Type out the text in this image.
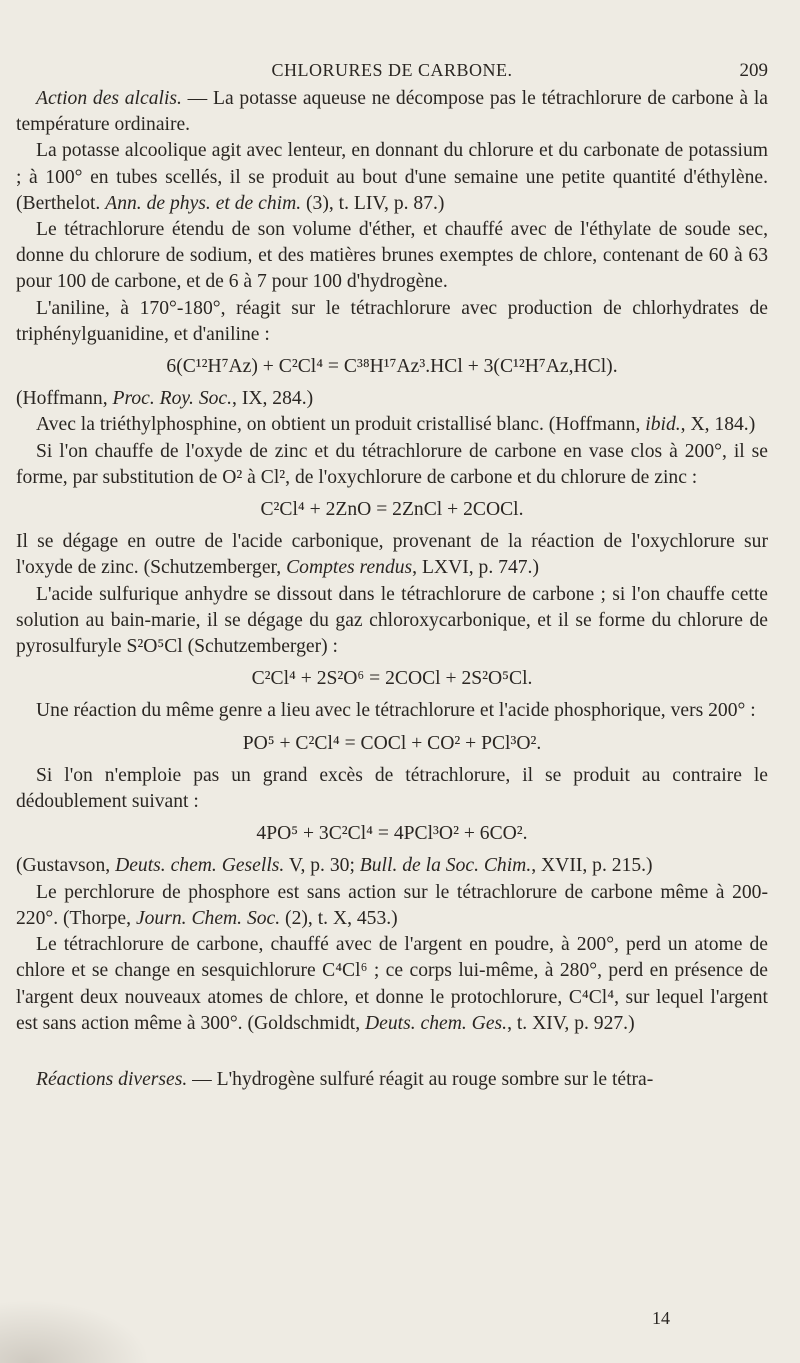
CHLORURES DE CARBONE.	209

Action des alcalis. — La potasse aqueuse ne décompose pas le tétrachlorure de carbone à la température ordinaire.

La potasse alcoolique agit avec lenteur, en donnant du chlorure et du carbonate de potassium ; à 100° en tubes scellés, il se produit au bout d'une semaine une petite quantité d'éthylène. (Berthelot. Ann. de phys. et de chim. (3), t. LIV, p. 87.)

Le tétrachlorure étendu de son volume d'éther, et chauffé avec de l'éthylate de soude sec, donne du chlorure de sodium, et des matières brunes exemptes de chlore, contenant de 60 à 63 pour 100 de carbone, et de 6 à 7 pour 100 d'hydrogène.

L'aniline, à 170°-180°, réagit sur le tétrachlorure avec production de chlorhydrates de triphénylguanidine, et d'aniline :

6(C¹²H⁷Az) + C²Cl⁴ = C³⁸H¹⁷Az³.HCl + 3(C¹²H⁷Az,HCl).

(Hoffmann, Proc. Roy. Soc., IX, 284.)

Avec la triéthylphosphine, on obtient un produit cristallisé blanc. (Hoffmann, ibid., X, 184.)

Si l'on chauffe de l'oxyde de zinc et du tétrachlorure de carbone en vase clos à 200°, il se forme, par substitution de O² à Cl², de l'oxychlorure de carbone et du chlorure de zinc :

C²Cl⁴ + 2ZnO = 2ZnCl + 2COCl.

Il se dégage en outre de l'acide carbonique, provenant de la réaction de l'oxychlorure sur l'oxyde de zinc. (Schutzemberger, Comptes rendus, LXVI, p. 747.)

L'acide sulfurique anhydre se dissout dans le tétrachlorure de carbone ; si l'on chauffe cette solution au bain-marie, il se dégage du gaz chloroxycarbonique, et il se forme du chlorure de pyrosulfuryle S²O⁵Cl (Schutzemberger) :

C²Cl⁴ + 2S²O⁶ = 2COCl + 2S²O⁵Cl.

Une réaction du même genre a lieu avec le tétrachlorure et l'acide phosphorique, vers 200° :

PO⁵ + C²Cl⁴ = COCl + CO² + PCl³O².

Si l'on n'emploie pas un grand excès de tétrachlorure, il se produit au contraire le dédoublement suivant :

4PO⁵ + 3C²Cl⁴ = 4PCl³O² + 6CO².

(Gustavson, Deuts. chem. Gesells. V, p. 30; Bull. de la Soc. Chim., XVII, p. 215.)

Le perchlorure de phosphore est sans action sur le tétrachlorure de carbone même à 200-220°. (Thorpe, Journ. Chem. Soc. (2), t. X, 453.)

Le tétrachlorure de carbone, chauffé avec de l'argent en poudre, à 200°, perd un atome de chlore et se change en sesquichlorure C⁴Cl⁶ ; ce corps lui-même, à 280°, perd en présence de l'argent deux nouveaux atomes de chlore, et donne le protochlorure, C⁴Cl⁴, sur lequel l'argent est sans action même à 300°. (Goldschmidt, Deuts. chem. Ges., t. XIV, p. 927.)

Réactions diverses. — L'hydrogène sulfuré réagit au rouge sombre sur le tétra-

14
